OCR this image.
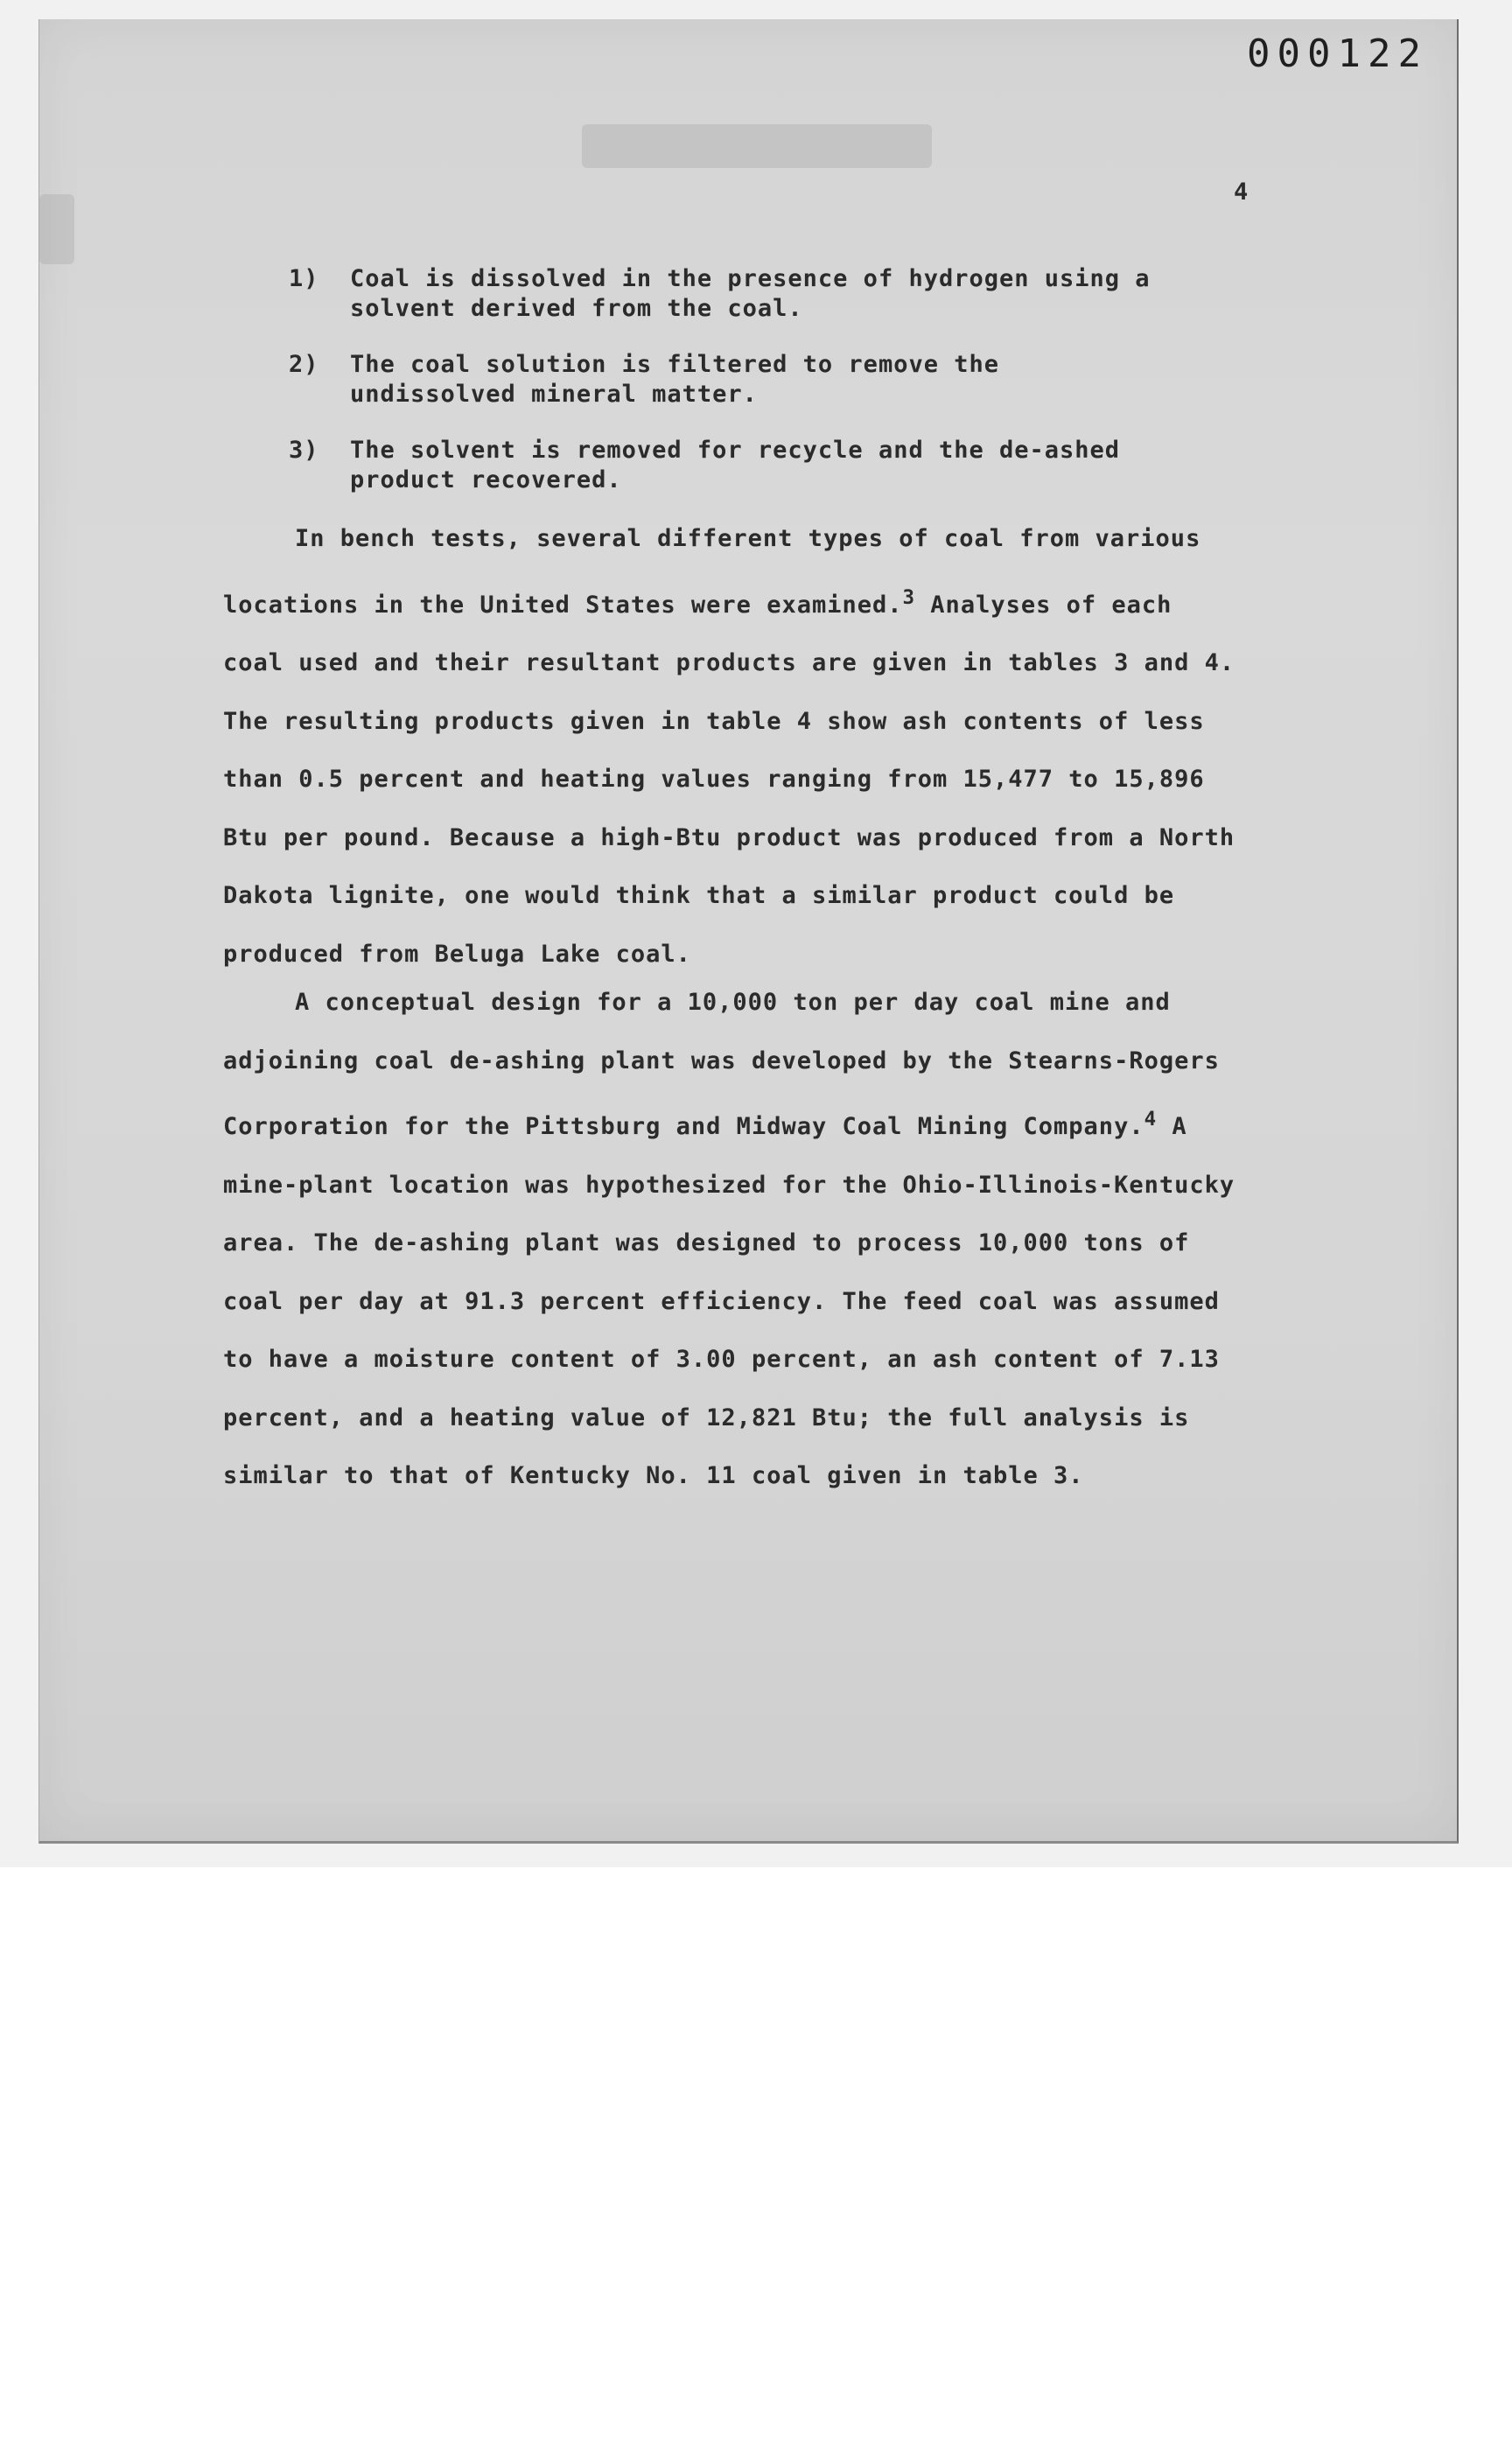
000122
4
1)	Coal is dissolved in the presence of hydrogen using a solvent derived from the coal.
2)	The coal solution is filtered to remove the undissolved mineral matter.
3)	The solvent is removed for recycle and the de-ashed product recovered.

In bench tests, several different types of coal from various locations in the United States were examined.$^3$ Analyses of each coal used and their resultant products are given in tables 3 and 4. The resulting products given in table 4 show ash contents of less than 0.5 percent and heating values ranging from 15,477 to 15,896 Btu per pound. Because a high-Btu product was produced from a North Dakota lignite, one would think that a similar product could be produced from Beluga Lake coal.

A conceptual design for a 10,000 ton per day coal mine and adjoining coal de-ashing plant was developed by the Stearns-Rogers Corporation for the Pittsburg and Midway Coal Mining Company.$^4$ A mine-plant location was hypothesized for the Ohio-Illinois-Kentucky area. The de-ashing plant was designed to process 10,000 tons of coal per day at 91.3 percent efficiency. The feed coal was assumed to have a moisture content of 3.00 percent, an ash content of 7.13 percent, and a heating value of 12,821 Btu; the full analysis is similar to that of Kentucky No. 11 coal given in table 3.
